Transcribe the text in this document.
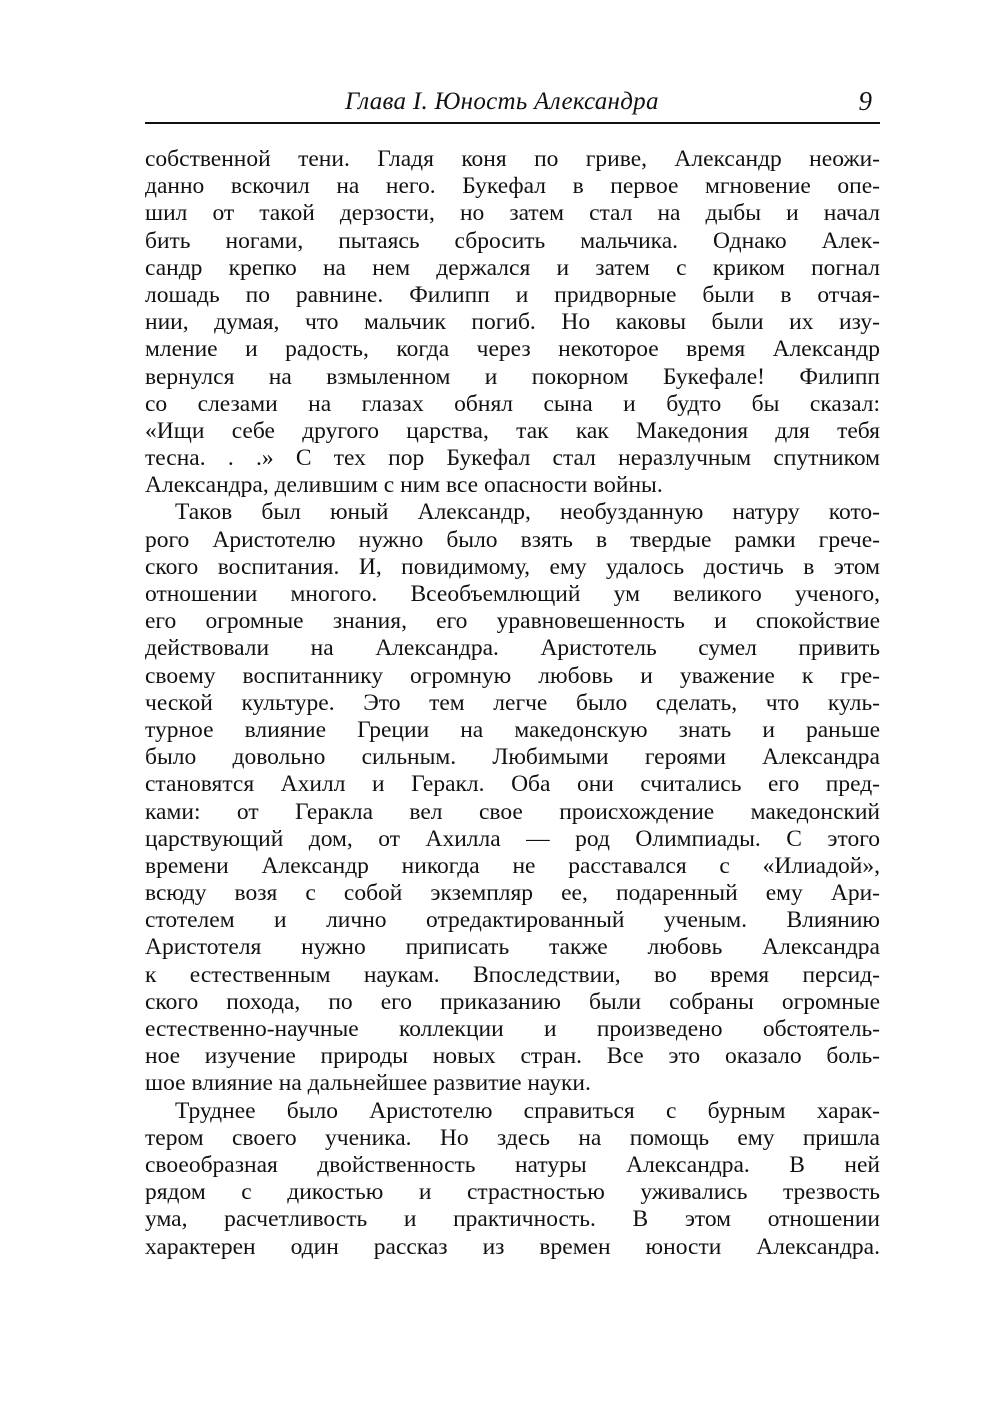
Глава I. Юность Александра	9
собственной тени. Гладя коня по гриве, Александр неожи-
данно вскочил на него. Букефал в первое мгновение опе-
шил от такой дерзости, но затем стал на дыбы и начал
бить ногами, пытаясь сбросить мальчика. Однако Алек-
сандр крепко на нем держался и затем с криком погнал
лошадь по равнине. Филипп и придворные были в отчая-
нии, думая, что мальчик погиб. Но каковы были их изу-
мление и радость, когда через некоторое время Александр
вернулся на взмыленном и покорном Букефале! Филипп
со слезами на глазах обнял сына и будто бы сказал:
«Ищи себе другого царства, так как Македония для тебя
тесна. . .» С тех пор Букефал стал неразлучным спутником
Александра, делившим с ним все опасности войны.
Таков был юный Александр, необузданную натуру кото-
рого Аристотелю нужно было взять в твердые рамки грече-
ского воспитания. И, повидимому, ему удалось достичь в этом
отношении многого. Всеобъемлющий ум великого ученого,
его огромные знания, его уравновешенность и спокойствие
действовали на Александра. Аристотель сумел привить
своему воспитаннику огромную любовь и уважение к гре-
ческой культуре. Это тем легче было сделать, что куль-
турное влияние Греции на македонскую знать и раньше
было довольно сильным. Любимыми героями Александра
становятся Ахилл и Геракл. Оба они считались его пред-
ками: от Геракла вел свое происхождение македонский
царствующий дом, от Ахилла — род Олимпиады. С этого
времени Александр никогда не расставался с «Илиадой»,
всюду возя с собой экземпляр ее, подаренный ему Ари-
стотелем и лично отредактированный ученым. Влиянию
Аристотеля нужно приписать также любовь Александра
к естественным наукам. Впоследствии, во время персид-
ского похода, по его приказанию были собраны огромные
естественно-научные коллекции и произведено обстоятель-
ное изучение природы новых стран. Все это оказало боль-
шое влияние на дальнейшее развитие науки.
Труднее было Аристотелю справиться с бурным харак-
тером своего ученика. Но здесь на помощь ему пришла
своеобразная двойственность натуры Александра. В ней
рядом с дикостью и страстностью уживались трезвость
ума, расчетливость и практичность. В этом отношении
характерен один рассказ из времен юности Александра.
